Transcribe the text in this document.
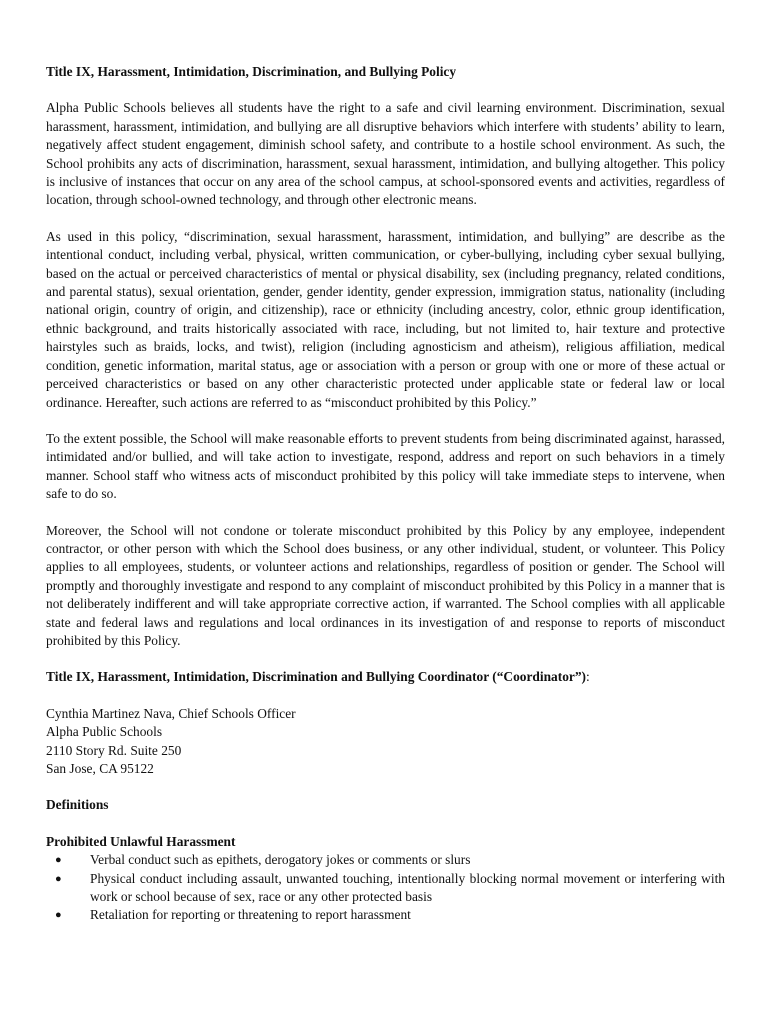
Title IX, Harassment, Intimidation, Discrimination, and Bullying Policy

Alpha Public Schools believes all students have the right to a safe and civil learning environment. Discrimination, sexual harassment, harassment, intimidation, and bullying are all disruptive behaviors which interfere with students’ ability to learn, negatively affect student engagement, diminish school safety, and contribute to a hostile school environment. As such, the School prohibits any acts of discrimination, harassment, sexual harassment, intimidation, and bullying altogether. This policy is inclusive of instances that occur on any area of the school campus, at school-sponsored events and activities, regardless of location, through school-owned technology, and through other electronic means.

As used in this policy, “discrimination, sexual harassment, harassment, intimidation, and bullying” are describe as the intentional conduct, including verbal, physical, written communication, or cyber-bullying, including cyber sexual bullying, based on the actual or perceived characteristics of mental or physical disability, sex (including pregnancy, related conditions, and parental status), sexual orientation, gender, gender identity, gender expression, immigration status, nationality (including national origin, country of origin, and citizenship), race or ethnicity (including ancestry, color, ethnic group identification, ethnic background, and traits historically associated with race, including, but not limited to, hair texture and protective hairstyles such as braids, locks, and twist), religion (including agnosticism and atheism), religious affiliation, medical condition, genetic information, marital status, age or association with a person or group with one or more of these actual or perceived characteristics or based on any other characteristic protected under applicable state or federal law or local ordinance. Hereafter, such actions are referred to as “misconduct prohibited by this Policy.”

To the extent possible, the School will make reasonable efforts to prevent students from being discriminated against, harassed, intimidated and/or bullied, and will take action to investigate, respond, address and report on such behaviors in a timely manner. School staff who witness acts of misconduct prohibited by this policy will take immediate steps to intervene, when safe to do so.

Moreover, the School will not condone or tolerate misconduct prohibited by this Policy by any employee, independent contractor, or other person with which the School does business, or any other individual, student, or volunteer. This Policy applies to all employees, students, or volunteer actions and relationships, regardless of position or gender. The School will promptly and thoroughly investigate and respond to any complaint of misconduct prohibited by this Policy in a manner that is not deliberately indifferent and will take appropriate corrective action, if warranted. The School complies with all applicable state and federal laws and regulations and local ordinances in its investigation of and response to reports of misconduct prohibited by this Policy.

Title IX, Harassment, Intimidation, Discrimination and Bullying Coordinator (“Coordinator”):
Cynthia Martinez Nava, Chief Schools Officer
Alpha Public Schools
2110 Story Rd. Suite 250
San Jose, CA 95122
Definitions
Prohibited Unlawful Harassment
● Verbal conduct such as epithets, derogatory jokes or comments or slurs
● Physical conduct including assault, unwanted touching, intentionally blocking normal movement or interfering with work or school because of sex, race or any other protected basis
● Retaliation for reporting or threatening to report harassment
